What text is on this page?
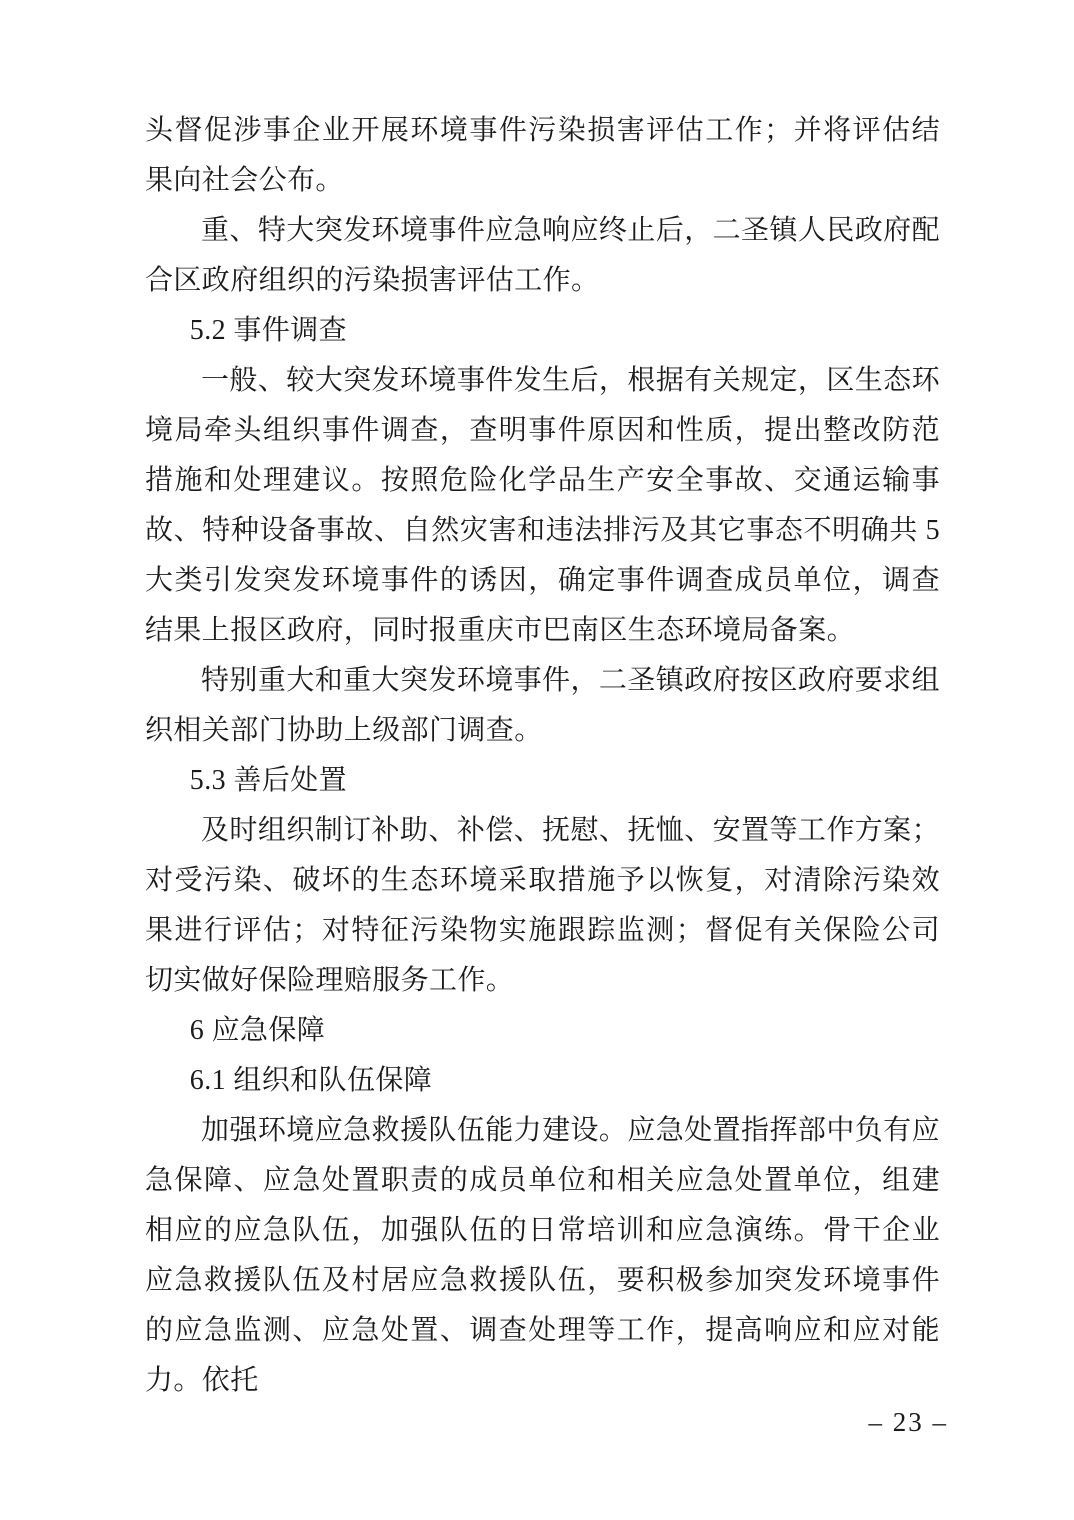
头督促涉事企业开展环境事件污染损害评估工作；并将评估结果向社会公布。

重、特大突发环境事件应急响应终止后，二圣镇人民政府配合区政府组织的污染损害评估工作。

5.2 事件调查

一般、较大突发环境事件发生后，根据有关规定，区生态环境局牵头组织事件调查，查明事件原因和性质，提出整改防范措施和处理建议。按照危险化学品生产安全事故、交通运输事故、特种设备事故、自然灾害和违法排污及其它事态不明确共 5 大类引发突发环境事件的诱因，确定事件调查成员单位，调查结果上报区政府，同时报重庆市巴南区生态环境局备案。

特别重大和重大突发环境事件，二圣镇政府按区政府要求组织相关部门协助上级部门调查。

5.3 善后处置

及时组织制订补助、补偿、抚慰、抚恤、安置等工作方案；对受污染、破坏的生态环境采取措施予以恢复，对清除污染效果进行评估；对特征污染物实施跟踪监测；督促有关保险公司切实做好保险理赔服务工作。

6 应急保障
6.1 组织和队伍保障

加强环境应急救援队伍能力建设。应急处置指挥部中负有应急保障、应急处置职责的成员单位和相关应急处置单位，组建相应的应急队伍，加强队伍的日常培训和应急演练。骨干企业应急救援队伍及村居应急救援队伍，要积极参加突发环境事件的应急监测、应急处置、调查处理等工作，提高响应和应对能力。依托

– 23 –
